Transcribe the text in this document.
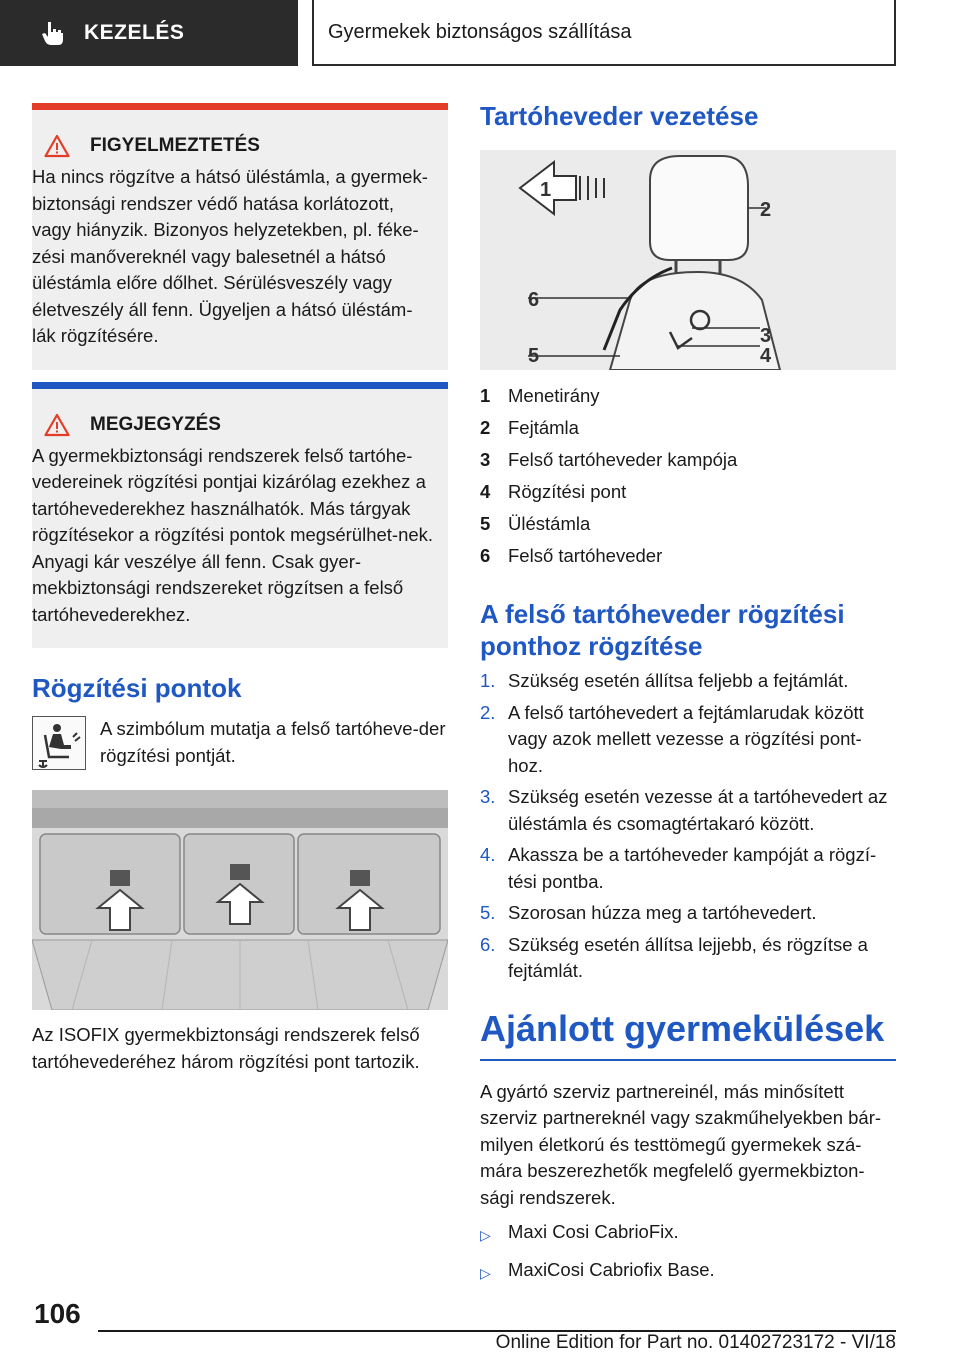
KEZELÉS	Gyermekek biztonságos szállítása
FIGYELMEZTETÉS

Ha nincs rögzítve a hátsó üléstámla, a gyermek-biztonsági rendszer védő hatása korlátozott, vagy hiányzik. Bizonyos helyzetekben, pl. féke-zési manővereknél vagy balesetnél a hátsó üléstámla előre dőlhet. Sérülésveszély vagy életveszély áll fenn. Ügyeljen a hátsó üléstám-lák rögzítésére.

MEGJEGYZÉS

A gyermekbiztonsági rendszerek felső tartóhe-vedereinek rögzítési pontjai kizárólag ezekhez a tartóhevederekhez használhatók. Más tárgyak rögzítésekor a rögzítési pontok megsérülhet-nek. Anyagi kár veszélye áll fenn. Csak gyer-mekbiztonsági rendszereket rögzítsen a felső tartóhevederekhez.

Rögzítési pontok

A szimbólum mutatja a felső tartóheve-der rögzítési pontját.

Az ISOFIX gyermekbiztonsági rendszerek felső tartóhevederéhez három rögzítési pont tartozik.

Tartóheveder vezetése
1
2
6
3
4
5
1 Menetirány
2 Fejtámla
3 Felső tartóheveder kampója
4 Rögzítési pont
5 Üléstámla
6 Felső tartóheveder
A felső tartóheveder rögzítési
ponthoz rögzítése
1. Szükség esetén állítsa feljebb a fejtámlát.
2. A felső tartóhevedert a fejtámlarudak között vagy azok mellett vezesse a rögzítési pont-hoz.
3. Szükség esetén vezesse át a tartóhevedert az üléstámla és csomagtértakaró között.
4. Akassza be a tartóheveder kampóját a rögzí-tési pontba.
5. Szorosan húzza meg a tartóhevedert.
6. Szükség esetén állítsa lejjebb, és rögzítse a fejtámlát.
Ajánlott gyermekülések

A gyártó szerviz partnereinél, más minősített szerviz partnereknél vagy szakműhelyekben bár-milyen életkorú és testtömegű gyermekek szá-mára beszerezhetők megfelelő gyermekbizton-sági rendszerek.

▷ Maxi Cosi CabrioFix.
▷ MaxiCosi Cabriofix Base.
106
Online Edition for Part no. 01402723172 - VI/18
